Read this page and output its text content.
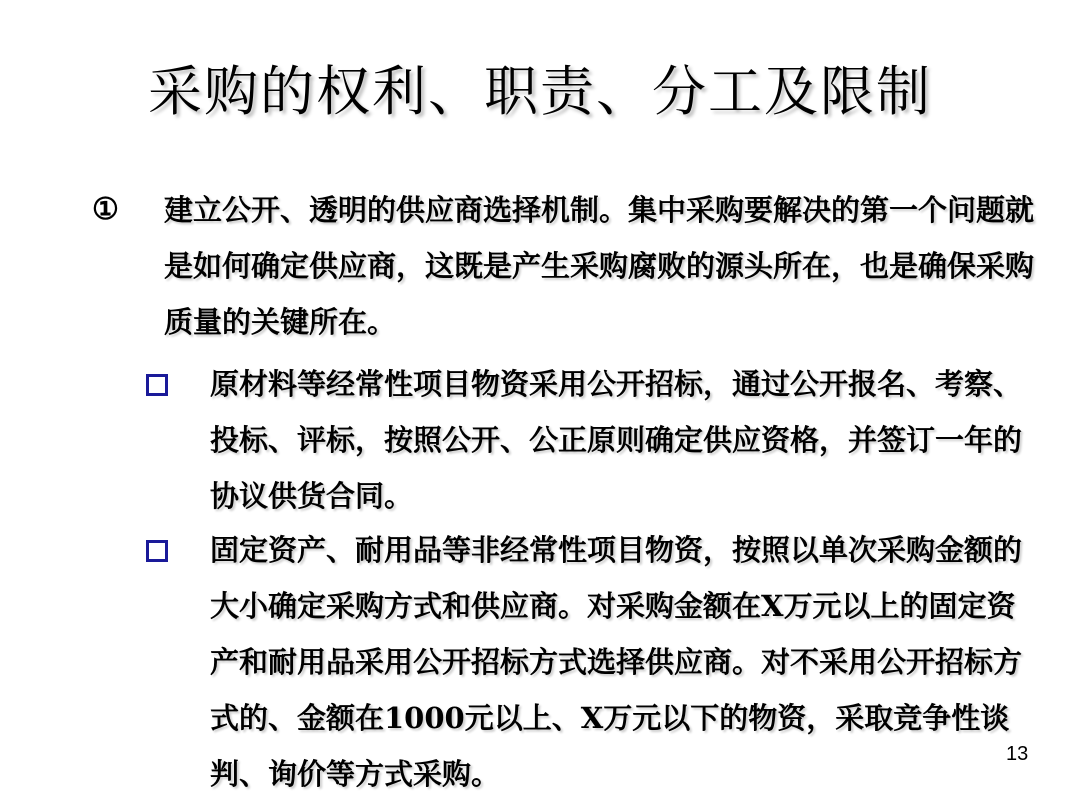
采购的权利、职责、分工及限制
①	建立公开、透明的供应商选择机制。集中采购要解决的第一个问题就是如何确定供应商，这既是产生采购腐败的源头所在，也是确保采购质量的关键所在。
原材料等经常性项目物资采用公开招标，通过公开报名、考察、投标、评标，按照公开、公正原则确定供应资格，并签订一年的协议供货合同。
固定资产、耐用品等非经常性项目物资，按照以单次采购金额的大小确定采购方式和供应商。对采购金额在X万元以上的固定资产和耐用品采用公开招标方式选择供应商。对不采用公开招标方式的、金额在1000元以上、X万元以下的物资，采取竞争性谈判、询价等方式采购。
13
